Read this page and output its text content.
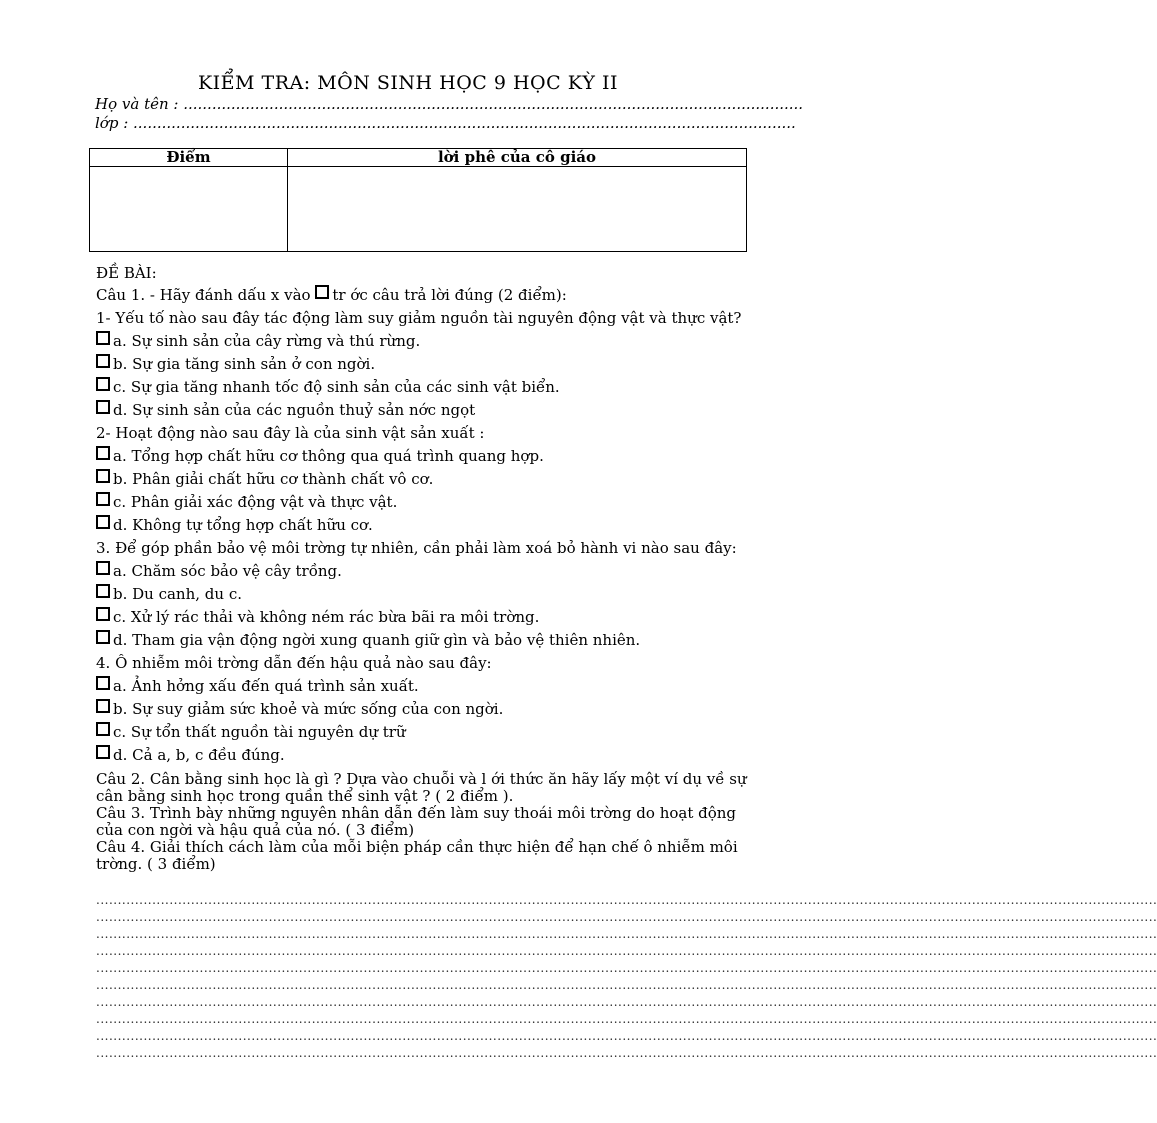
KIỂM TRA: MÔN SINH HỌC 9 HỌC KỲ II
Họ và tên : ..................................................................................................................................
lớp : ...........................................................................................................................................
Điểm	lời phê của cô giáo

ĐỀ BÀI:
Câu 1. - Hãy đánh dấu x vào tr ớc câu trả lời đúng (2 điểm):
1- Yếu tố nào sau đây tác động làm suy giảm nguồn tài nguyên động vật và thực vật?
a. Sự sinh sản của cây rừng và thú rừng.
b. Sự gia tăng sinh sản ở con ngời.
c. Sự gia tăng nhanh tốc độ sinh sản của các sinh vật biển.
d. Sự sinh sản của các nguồn thuỷ sản nớc ngọt
2- Hoạt động nào sau đây là của sinh vật sản xuất :
a. Tổng hợp chất hữu cơ thông qua quá trình quang hợp.
b. Phân giải chất hữu cơ thành chất vô cơ.
c. Phân giải xác động vật và thực vật.
d. Không tự tổng hợp chất hữu cơ.
3. Để góp phần bảo vệ môi trờng tự nhiên, cần phải làm xoá bỏ hành vi nào sau đây:
a. Chăm sóc bảo vệ cây trồng.
b. Du canh, du c.
c. Xử lý rác thải và không ném rác bừa bãi ra môi trờng.
d. Tham gia vận động ngời xung quanh giữ gìn và bảo vệ thiên nhiên.
4. Ô nhiễm môi trờng dẫn đến hậu quả nào sau đây:
a. Ảnh hởng xấu đến quá trình sản xuất.
b. Sự suy giảm sức khoẻ và mức sống của con ngời.
c. Sự tổn thất nguồn tài nguyên dự trữ
d. Cả a, b, c đều đúng.
Câu 2. Cân bằng sinh học là gì ? Dựa vào chuỗi và l ới thức ăn hãy lấy một ví dụ về sự cân bằng sinh học trong quần thể sinh vật ? ( 2 điểm ).
Câu 3. Trình bày những nguyên nhân dẫn đến làm suy thoái môi trờng do hoạt động của con ngời và hậu quả của nó. ( 3 điểm)
Câu 4. Giải thích cách làm của mỗi biện pháp cần thực hiện để hạn chế ô nhiễm môi trờng. ( 3 điểm)
......................................................................................................................................................................................................................................................
......................................................................................................................................................................................................................................................
......................................................................................................................................................................................................................................................
......................................................................................................................................................................................................................................................
......................................................................................................................................................................................................................................................
......................................................................................................................................................................................................................................................
......................................................................................................................................................................................................................................................
......................................................................................................................................................................................................................................................
......................................................................................................................................................................................................................................................
......................................................................................................................................................................................................................................................
